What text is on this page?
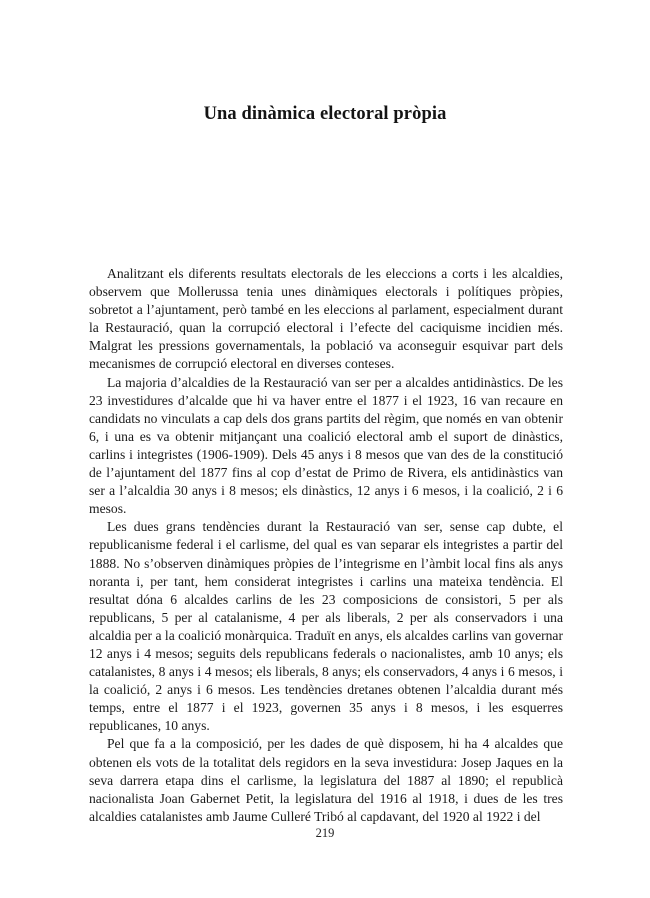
Una dinàmica electoral pròpia

Analitzant els diferents resultats electorals de les eleccions a corts i les alcaldies, observem que Mollerussa tenia unes dinàmiques electorals i polítiques pròpies, sobretot a l’ajuntament, però també en les eleccions al parlament, especialment durant la Restauració, quan la corrupció electoral i l’efecte del caciquisme incidien més. Malgrat les pressions governamentals, la població va aconseguir esquivar part dels mecanismes de corrupció electoral en diverses conteses.

La majoria d’alcaldies de la Restauració van ser per a alcaldes antidinàstics. De les 23 investidures d’alcalde que hi va haver entre el 1877 i el 1923, 16 van recaure en candidats no vinculats a cap dels dos grans partits del règim, que només en van obtenir 6, i una es va obtenir mitjançant una coalició electoral amb el suport de dinàstics, carlins i integristes (1906-1909). Dels 45 anys i 8 mesos que van des de la constitució de l’ajuntament del 1877 fins al cop d’estat de Primo de Rivera, els antidinàstics van ser a l’alcaldia 30 anys i 8 mesos; els dinàstics, 12 anys i 6 mesos, i la coalició, 2 i 6 mesos.

Les dues grans tendències durant la Restauració van ser, sense cap dubte, el republicanisme federal i el carlisme, del qual es van separar els integristes a partir del 1888. No s’observen dinàmiques pròpies de l’integrisme en l’àmbit local fins als anys noranta i, per tant, hem considerat integristes i carlins una mateixa tendència. El resultat dóna 6 alcaldes carlins de les 23 composicions de consistori, 5 per als republicans, 5 per al catalanisme, 4 per als liberals, 2 per als conservadors i una alcaldia per a la coalició monàrquica. Traduït en anys, els alcaldes carlins van governar 12 anys i 4 mesos; seguits dels republicans federals o nacionalistes, amb 10 anys; els catalanistes, 8 anys i 4 mesos; els liberals, 8 anys; els conservadors, 4 anys i 6 mesos, i la coalició, 2 anys i 6 mesos. Les tendències dretanes obtenen l’alcaldia durant més temps, entre el 1877 i el 1923, governen 35 anys i 8 mesos, i les esquerres republicanes, 10 anys.

Pel que fa a la composició, per les dades de què disposem, hi ha 4 alcaldes que obtenen els vots de la totalitat dels regidors en la seva investidura: Josep Jaques en la seva darrera etapa dins el carlisme, la legislatura del 1887 al 1890; el republicà nacionalista Joan Gabernet Petit, la legislatura del 1916 al 1918, i dues de les tres alcaldies catalanistes amb Jaume Culleré Tribó al capdavant, del 1920 al 1922 i del

219
